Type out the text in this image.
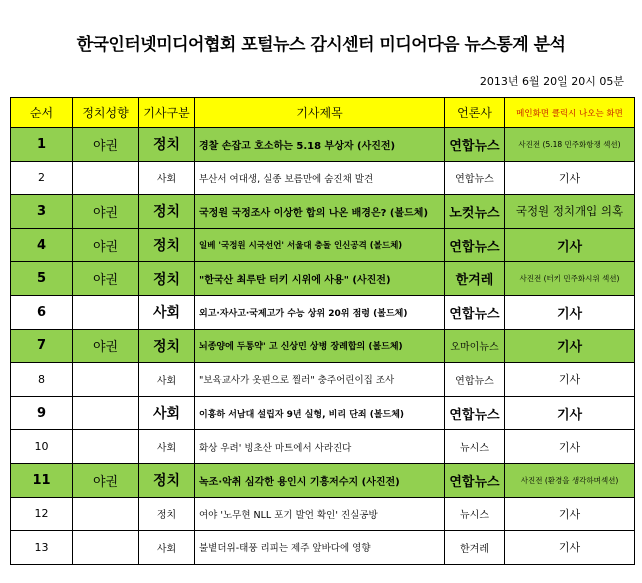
한국인터넷미디어협회 포털뉴스 감시센터 미디어다음 뉴스통계 분석
2013년 6월 20일 20시 05분
순서	정치성향	기사구분	기사제목	언론사	메인화면 클릭시 나오는 화면
1	야권	정치	경찰 손잡고 호소하는 5.18 부상자 (사진전)	연합뉴스	사진전 (5.18 민주화항쟁 섹션)
2		사회	부산서 여대생, 실종 보름만에 숨진채 발견	연합뉴스	기사
3	야권	정치	국정원 국정조사 이상한 합의 나온 배경은? (볼드체)	노컷뉴스	국정원 정치개입 의혹
4	야권	정치	일베 '국정원 시국선언' 서울대 충돌 인신공격 (볼드체)	연합뉴스	기사
5	야권	정치	"한국산 최루탄 터키 시위에 사용" (사진전)	한겨레	사진전 (터키 민주화시위 섹션)
6		사회	외고·자사고·국제고가 수능 상위 20위 점령 (볼드체)	연합뉴스	기사
7	야권	정치	뇌종양에 두통약' 고 신상민 상병 장례합의 (볼드체)	오마이뉴스	기사
8		사회	"보육교사가 옷핀으로 찔러" 충주어린이집 조사	연합뉴스	기사
9		사회	이흥하 서남대 설립자 9년 실형, 비리 단죄 (볼드체)	연합뉴스	기사
10		사회	화상 우려' 빙초산 마트에서 사라진다	뉴시스	기사
11	야권	정치	녹조·악취 심각한 용인시 기흥저수지 (사진전)	연합뉴스	사진전 (환경을 생각하며섹션)
12		정치	여야 '노무현 NLL 포기 발언 확인' 진실공방	뉴시스	기사
13		사회	불볕더위-태풍 리피는 제주 앞바다에 영향	한겨레	기사
